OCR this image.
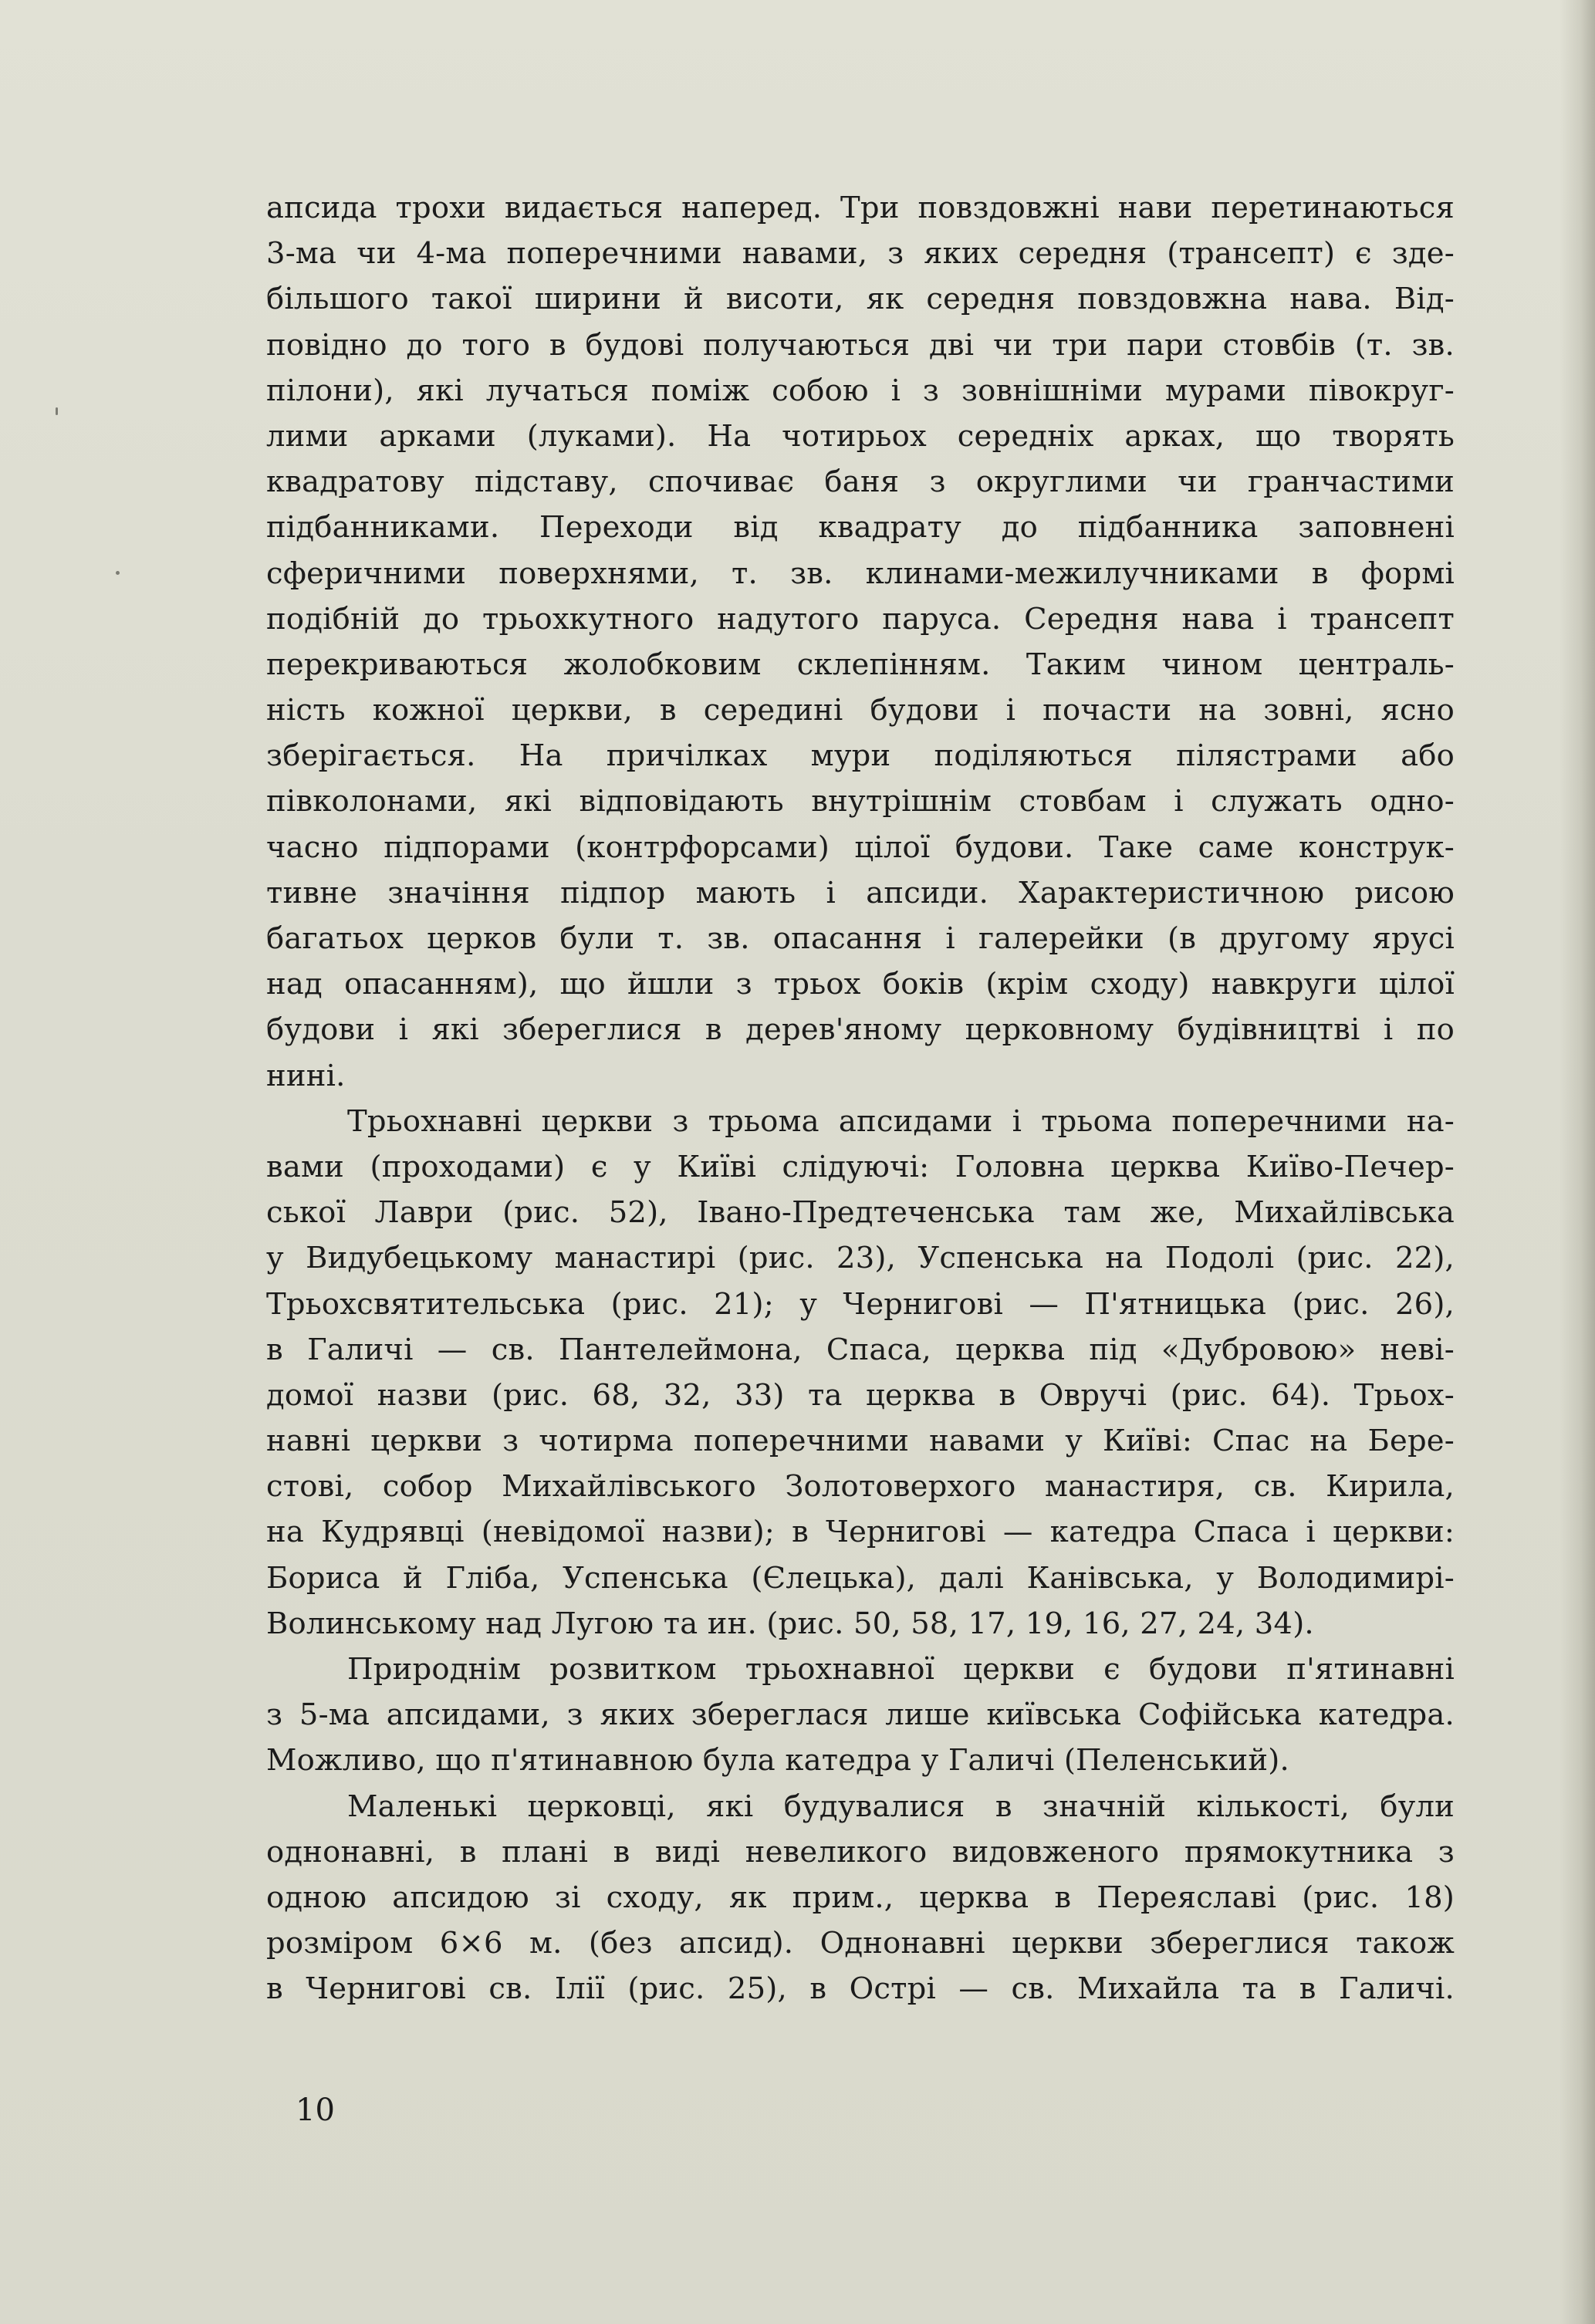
апсида трохи видається наперед. Три повздовжні нави перетинаються
3-ма чи 4-ма поперечними навами, з яких середня (трансепт) є зде-
більшого такої ширини й висоти, як середня повздовжна нава. Від-
повідно до того в будові получаються дві чи три пари стовбів (т. зв.
пілони), які лучаться поміж собою і з зовнішніми мурами півокруг-
лими арками (луками). На чотирьох середніх арках, що творять
квадратову підставу, спочиває баня з округлими чи гранчастими
підбанниками. Переходи від квадрату до підбанника заповнені
сферичними поверхнями, т. зв. клинами-межилучниками в формі
подібній до трьохкутного надутого паруса. Середня нава і трансепт
перекриваються жолобковим склепінням. Таким чином централь-
ність кожної церкви, в середині будови і почасти на зовні, ясно
зберігається. На причілках мури поділяються пілястрами або
півколонами, які відповідають внутрішнім стовбам і служать одно-
часно підпорами (контрфорсами) цілої будови. Таке саме конструк-
тивне значіння підпор мають і апсиди. Характеристичною рисою
багатьох церков були т. зв. опасання і галерейки (в другому ярусі
над опасанням), що йшли з трьох боків (крім сходу) навкруги цілої
будови і які збереглися в дерев'яному церковному будівництві і по
нині.
Трьохнавні церкви з трьома апсидами і трьома поперечними на-
вами (проходами) є у Київі слідуючі: Головна церква Київо-Печер-
ської Лаври (рис. 52), Івано-Предтеченська там же, Михайлівська
у Видубецькому манастирі (рис. 23), Успенська на Подолі (рис. 22),
Трьохсвятительська (рис. 21); у Чернигові — П'ятницька (рис. 26),
в Галичі — св. Пантелеймона, Спаса, церква під «Дубровою» неві-
домої назви (рис. 68, 32, 33) та церква в Овручі (рис. 64). Трьох-
навні церкви з чотирма поперечними навами у Київі: Спас на Бере-
стові, собор Михайлівського Золотоверхого манастиря, св. Кирила,
на Кудрявці (невідомої назви); в Чернигові — катедра Спаса і церкви:
Бориса й Гліба, Успенська (Єлецька), далі Канівська, у Володимирі-
Волинському над Лугою та ин. (рис. 50, 58, 17, 19, 16, 27, 24, 34).
Природнім розвитком трьохнавної церкви є будови п'ятинавні
з 5-ма апсидами, з яких збереглася лише київська Софійська катедра.
Можливо, що п'ятинавною була катедра у Галичі (Пеленський).
Маленькі церковці, які будувалися в значній кількості, були
однонавні, в плані в виді невеликого видовженого прямокутника з
одною апсидою зі сходу, як прим., церква в Переяславі (рис. 18)
розміром 6×6 м. (без апсид). Однонавні церкви збереглися також
в Чернигові св. Ілії (рис. 25), в Острі — св. Михайла та в Галичі.
10
